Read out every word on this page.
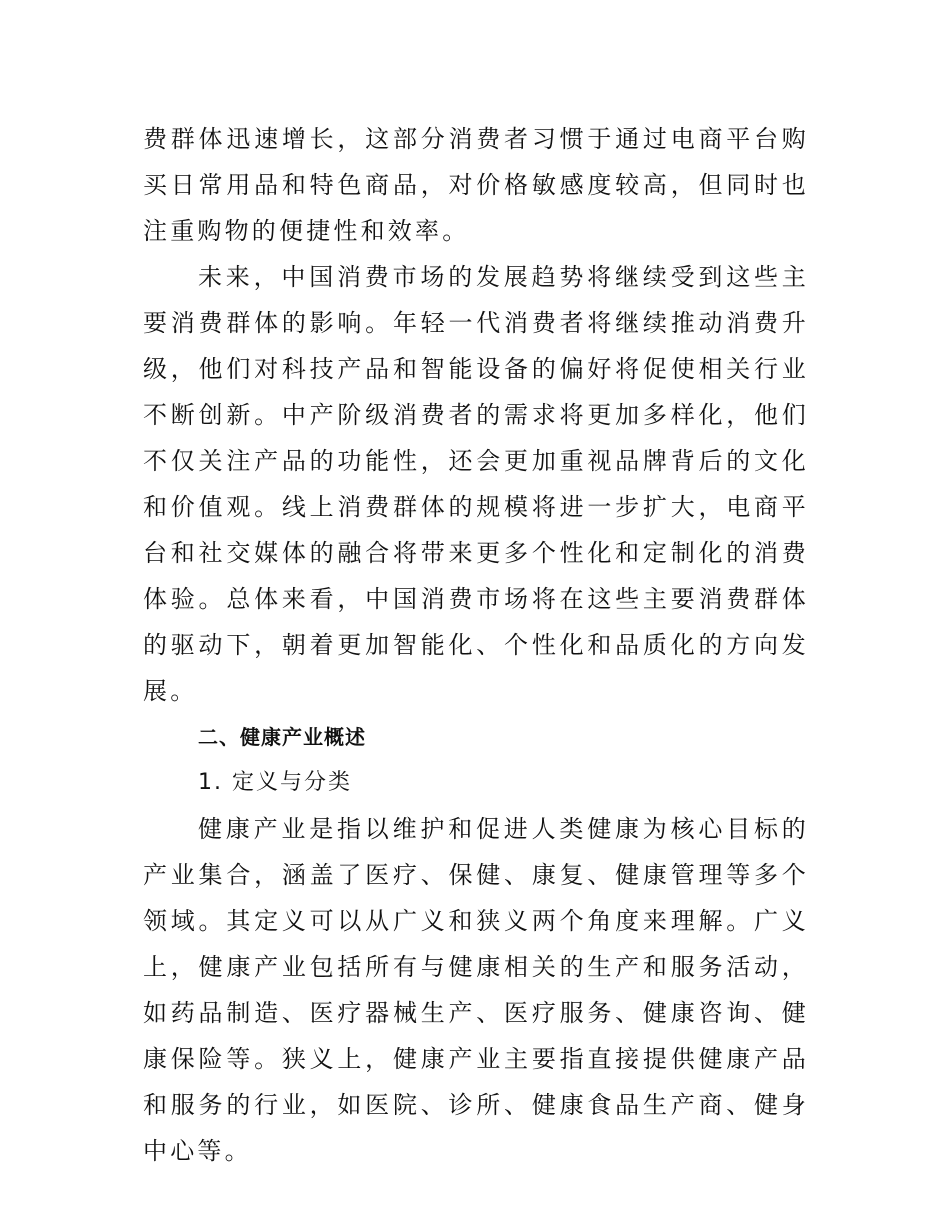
费群体迅速增长，这部分消费者习惯于通过电商平台购买日常用品和特色商品，对价格敏感度较高，但同时也注重购物的便捷性和效率。

未来，中国消费市场的发展趋势将继续受到这些主要消费群体的影响。年轻一代消费者将继续推动消费升级，他们对科技产品和智能设备的偏好将促使相关行业不断创新。中产阶级消费者的需求将更加多样化，他们不仅关注产品的功能性，还会更加重视品牌背后的文化和价值观。线上消费群体的规模将进一步扩大，电商平台和社交媒体的融合将带来更多个性化和定制化的消费体验。总体来看，中国消费市场将在这些主要消费群体的驱动下，朝着更加智能化、个性化和品质化的方向发展。

二、健康产业概述

1. 定义与分类

健康产业是指以维护和促进人类健康为核心目标的产业集合，涵盖了医疗、保健、康复、健康管理等多个领域。其定义可以从广义和狭义两个角度来理解。广义上，健康产业包括所有与健康相关的生产和服务活动，如药品制造、医疗器械生产、医疗服务、健康咨询、健康保险等。狭义上，健康产业主要指直接提供健康产品和服务的行业，如医院、诊所、健康食品生产商、健身中心等。
